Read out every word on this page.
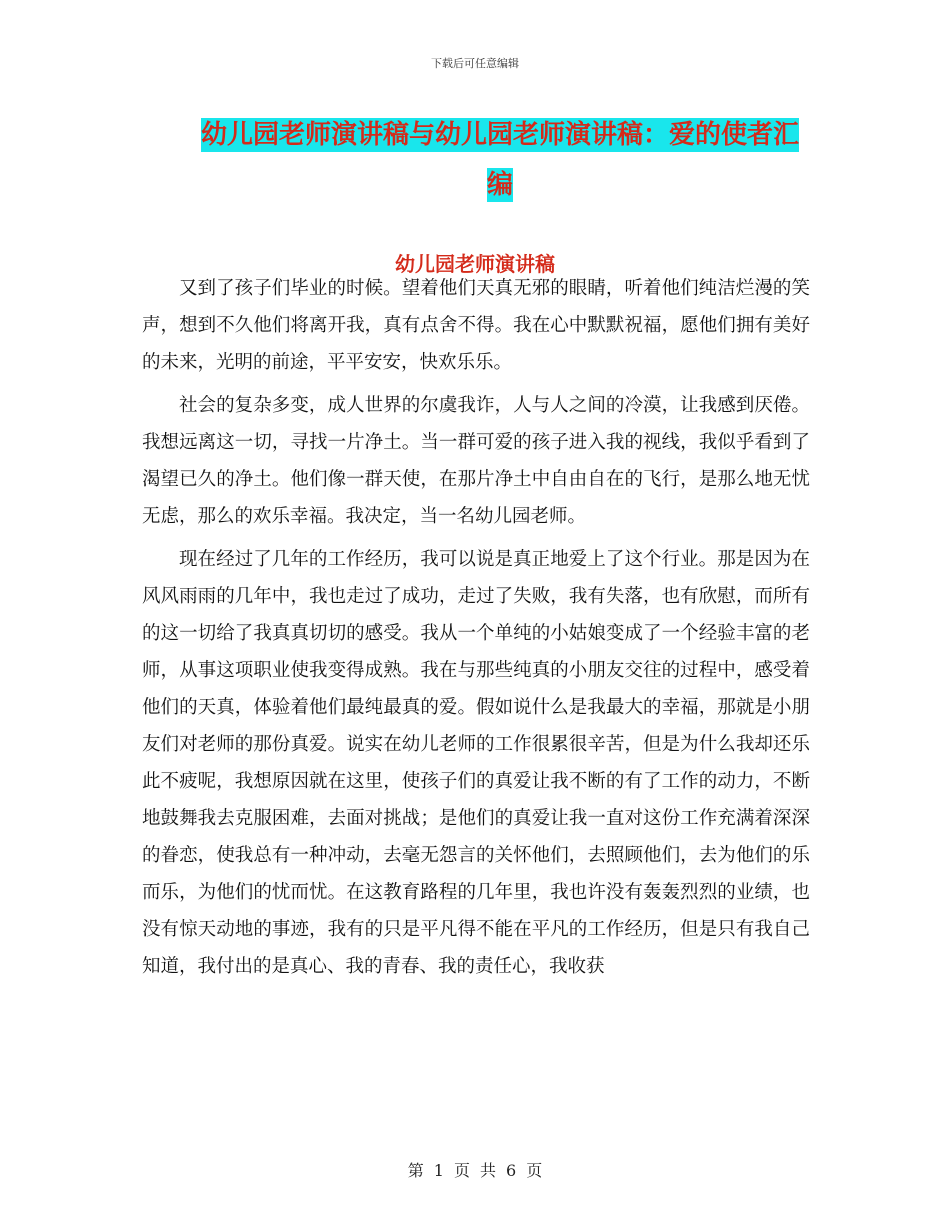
下载后可任意编辑
幼儿园老师演讲稿与幼儿园老师演讲稿：爱的使者汇编
幼儿园老师演讲稿

又到了孩子们毕业的时候。望着他们天真无邪的眼睛，听着他们纯洁烂漫的笑声，想到不久他们将离开我，真有点舍不得。我在心中默默祝福，愿他们拥有美好的未来，光明的前途，平平安安，快欢乐乐。

社会的复杂多变，成人世界的尔虞我诈，人与人之间的冷漠，让我感到厌倦。我想远离这一切，寻找一片净土。当一群可爱的孩子进入我的视线，我似乎看到了渴望已久的净土。他们像一群天使，在那片净土中自由自在的飞行，是那么地无忧无虑，那么的欢乐幸福。我决定，当一名幼儿园老师。

现在经过了几年的工作经历，我可以说是真正地爱上了这个行业。那是因为在风风雨雨的几年中，我也走过了成功，走过了失败，我有失落，也有欣慰，而所有的这一切给了我真真切切的感受。我从一个单纯的小姑娘变成了一个经验丰富的老师，从事这项职业使我变得成熟。我在与那些纯真的小朋友交往的过程中，感受着他们的天真，体验着他们最纯最真的爱。假如说什么是我最大的幸福，那就是小朋友们对老师的那份真爱。说实在幼儿老师的工作很累很辛苦，但是为什么我却还乐此不疲呢，我想原因就在这里，使孩子们的真爱让我不断的有了工作的动力，不断地鼓舞我去克服困难，去面对挑战；是他们的真爱让我一直对这份工作充满着深深的眷恋，使我总有一种冲动，去毫无怨言的关怀他们，去照顾他们，去为他们的乐而乐，为他们的忧而忧。在这教育路程的几年里，我也许没有轰轰烈烈的业绩，也没有惊天动地的事迹，我有的只是平凡得不能在平凡的工作经历，但是只有我自己知道，我付出的是真心、我的青春、我的责任心，我收获

第 1 页 共 6 页
